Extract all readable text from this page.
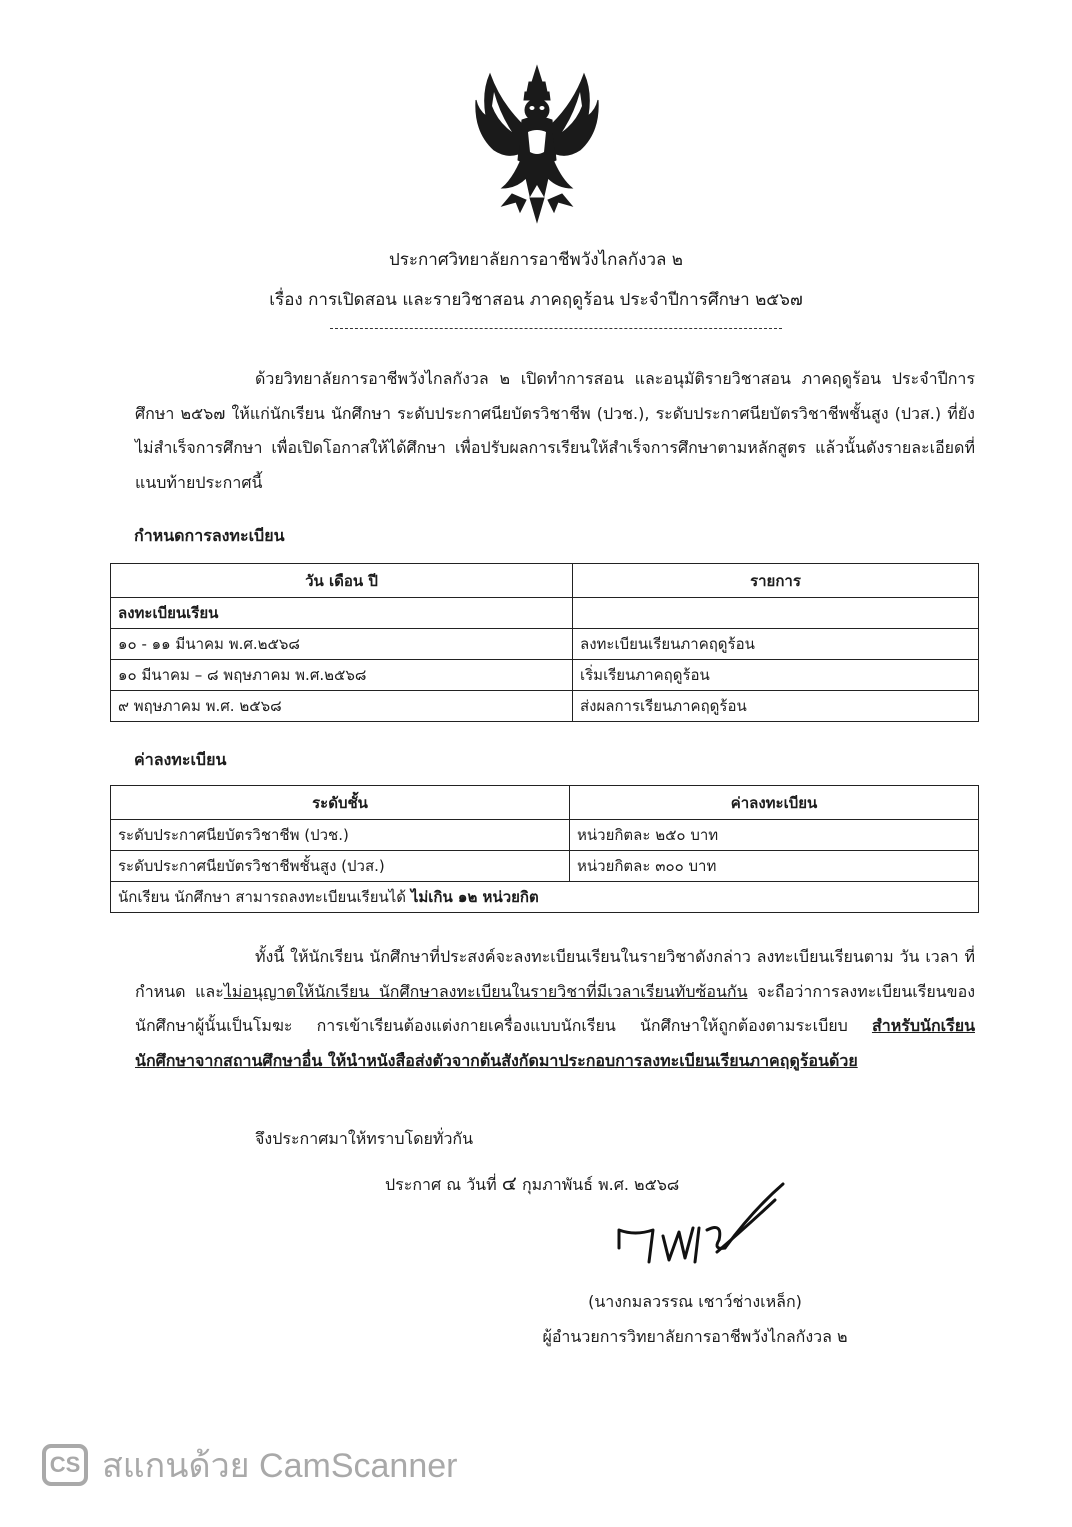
ประกาศวิทยาลัยการอาชีพวังไกลกังวล ๒
เรื่อง การเปิดสอน และรายวิชาสอน ภาคฤดูร้อน ประจำปีการศึกษา ๒๕๖๗
ด้วยวิทยาลัยการอาชีพวังไกลกังวล ๒ เปิดทำการสอน และอนุมัติรายวิชาสอน ภาคฤดูร้อน ประจำปีการศึกษา ๒๕๖๗ ให้แก่นักเรียน นักศึกษา ระดับประกาศนียบัตรวิชาชีพ (ปวช.), ระดับประกาศนียบัตรวิชาชีพชั้นสูง (ปวส.) ที่ยังไม่สำเร็จการศึกษา เพื่อเปิดโอกาสให้ได้ศึกษา เพื่อปรับผลการเรียนให้สำเร็จการศึกษาตามหลักสูตร แล้วนั้นดังรายละเอียดที่แนบท้ายประกาศนี้
กำหนดการลงทะเบียน
วัน เดือน ปี	รายการ
ลงทะเบียนเรียน	
๑๐ - ๑๑ มีนาคม พ.ศ.๒๕๖๘	ลงทะเบียนเรียนภาคฤดูร้อน
๑๐ มีนาคม – ๘ พฤษภาคม พ.ศ.๒๕๖๘	เริ่มเรียนภาคฤดูร้อน
๙ พฤษภาคม พ.ศ. ๒๕๖๘	ส่งผลการเรียนภาคฤดูร้อน
ค่าลงทะเบียน
ระดับชั้น	ค่าลงทะเบียน
ระดับประกาศนียบัตรวิชาชีพ (ปวช.)	หน่วยกิตละ ๒๕๐ บาท
ระดับประกาศนียบัตรวิชาชีพชั้นสูง (ปวส.)	หน่วยกิตละ ๓๐๐ บาท
นักเรียน นักศึกษา สามารถลงทะเบียนเรียนได้ ไม่เกิน ๑๒ หน่วยกิต	
ทั้งนี้ ให้นักเรียน นักศึกษาที่ประสงค์จะลงทะเบียนเรียนในรายวิชาดังกล่าว ลงทะเบียนเรียนตาม วัน เวลา ที่กำหนด และไม่อนุญาตให้นักเรียน นักศึกษาลงทะเบียนในรายวิชาที่มีเวลาเรียนทับซ้อนกัน จะถือว่าการลงทะเบียนเรียนของนักศึกษาผู้นั้นเป็นโมฆะ การเข้าเรียนต้องแต่งกายเครื่องแบบนักเรียน นักศึกษาให้ถูกต้องตามระเบียบ สำหรับนักเรียน นักศึกษาจากสถานศึกษาอื่น ให้นำหนังสือส่งตัวจากต้นสังกัดมาประกอบการลงทะเบียนเรียนภาคฤดูร้อนด้วย
จึงประกาศมาให้ทราบโดยทั่วกัน
ประกาศ ณ วันที่ ๔ กุมภาพันธ์ พ.ศ. ๒๕๖๘
(นางกมลวรรณ เชาว์ช่างเหล็ก)
ผู้อำนวยการวิทยาลัยการอาชีพวังไกลกังวล ๒
CS สแกนด้วย CamScanner
